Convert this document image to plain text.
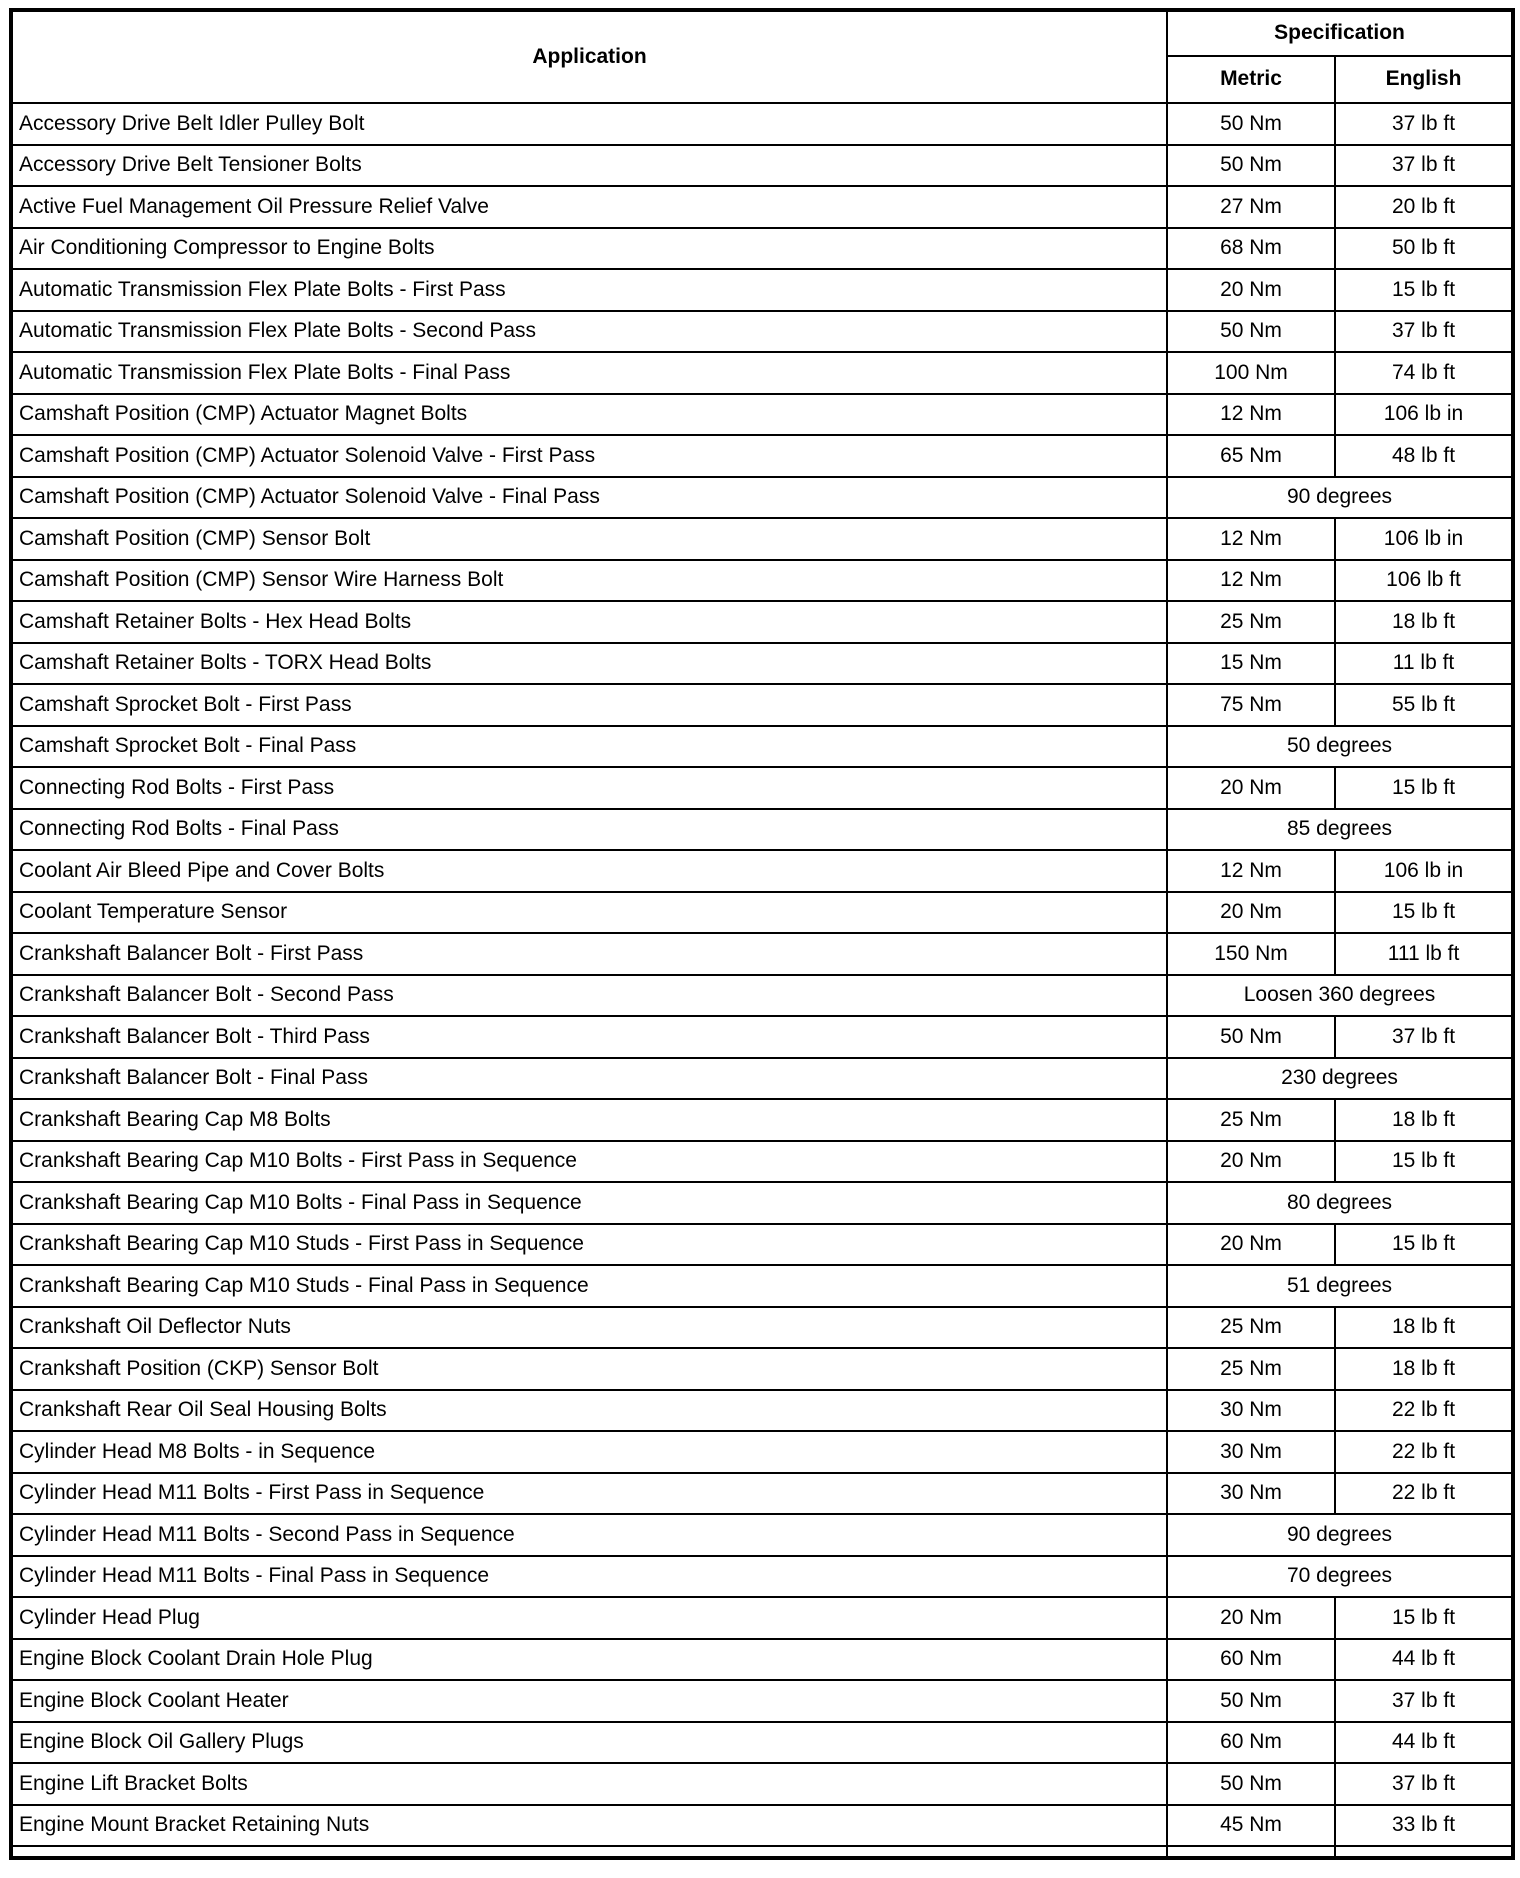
Application	Specification	
	Metric	English
Accessory Drive Belt Idler Pulley Bolt	50 Nm	37 lb ft
Accessory Drive Belt Tensioner Bolts	50 Nm	37 lb ft
Active Fuel Management Oil Pressure Relief Valve	27 Nm	20 lb ft
Air Conditioning Compressor to Engine Bolts	68 Nm	50 lb ft
Automatic Transmission Flex Plate Bolts - First Pass	20 Nm	15 lb ft
Automatic Transmission Flex Plate Bolts - Second Pass	50 Nm	37 lb ft
Automatic Transmission Flex Plate Bolts - Final Pass	100 Nm	74 lb ft
Camshaft Position (CMP) Actuator Magnet Bolts	12 Nm	106 lb in
Camshaft Position (CMP) Actuator Solenoid Valve - First Pass	65 Nm	48 lb ft
Camshaft Position (CMP) Actuator Solenoid Valve - Final Pass	90 degrees	
Camshaft Position (CMP) Sensor Bolt	12 Nm	106 lb in
Camshaft Position (CMP) Sensor Wire Harness Bolt	12 Nm	106 lb ft
Camshaft Retainer Bolts - Hex Head Bolts	25 Nm	18 lb ft
Camshaft Retainer Bolts - TORX Head Bolts	15 Nm	11 lb ft
Camshaft Sprocket Bolt - First Pass	75 Nm	55 lb ft
Camshaft Sprocket Bolt - Final Pass	50 degrees	
Connecting Rod Bolts - First Pass	20 Nm	15 lb ft
Connecting Rod Bolts - Final Pass	85 degrees	
Coolant Air Bleed Pipe and Cover Bolts	12 Nm	106 lb in
Coolant Temperature Sensor	20 Nm	15 lb ft
Crankshaft Balancer Bolt - First Pass	150 Nm	111 lb ft
Crankshaft Balancer Bolt - Second Pass	Loosen 360 degrees	
Crankshaft Balancer Bolt - Third Pass	50 Nm	37 lb ft
Crankshaft Balancer Bolt - Final Pass	230 degrees	
Crankshaft Bearing Cap M8 Bolts	25 Nm	18 lb ft
Crankshaft Bearing Cap M10 Bolts - First Pass in Sequence	20 Nm	15 lb ft
Crankshaft Bearing Cap M10 Bolts - Final Pass in Sequence	80 degrees	
Crankshaft Bearing Cap M10 Studs - First Pass in Sequence	20 Nm	15 lb ft
Crankshaft Bearing Cap M10 Studs - Final Pass in Sequence	51 degrees	
Crankshaft Oil Deflector Nuts	25 Nm	18 lb ft
Crankshaft Position (CKP) Sensor Bolt	25 Nm	18 lb ft
Crankshaft Rear Oil Seal Housing Bolts	30 Nm	22 lb ft
Cylinder Head M8 Bolts - in Sequence	30 Nm	22 lb ft
Cylinder Head M11 Bolts - First Pass in Sequence	30 Nm	22 lb ft
Cylinder Head M11 Bolts - Second Pass in Sequence	90 degrees	
Cylinder Head M11 Bolts - Final Pass in Sequence	70 degrees	
Cylinder Head Plug	20 Nm	15 lb ft
Engine Block Coolant Drain Hole Plug	60 Nm	44 lb ft
Engine Block Coolant Heater	50 Nm	37 lb ft
Engine Block Oil Gallery Plugs	60 Nm	44 lb ft
Engine Lift Bracket Bolts	50 Nm	37 lb ft
Engine Mount Bracket Retaining Nuts	45 Nm	33 lb ft
